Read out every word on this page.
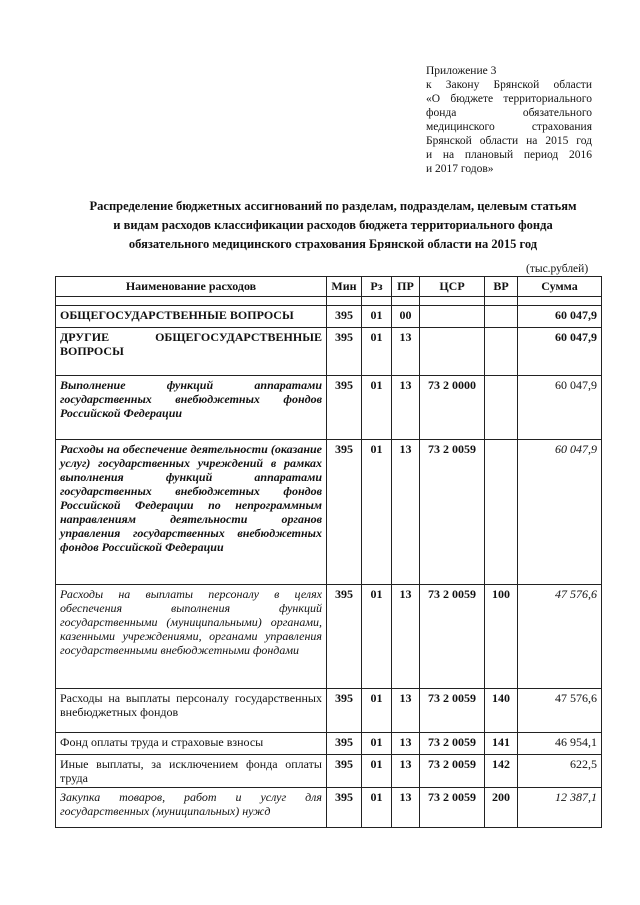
Приложение 3
к Закону Брянской области
«О бюджете территориального
фонда обязательного
медицинского страхования
Брянской области на 2015 год
и на плановый период 2016
и 2017 годов»
Распределение бюджетных ассигнований по разделам, подразделам, целевым статьям
и видам расходов классификации расходов бюджета территориального фонда
обязательного медицинского страхования Брянской области на 2015 год
(тыс.рублей)
Наименование расходов	Мин	Рз	ПР	ЦСР	ВР	Сумма

ОБЩЕГОСУДАРСТВЕННЫЕ ВОПРОСЫ	395	01	00			60 047,9
ДРУГИЕ ОБЩЕГОСУДАРСТВЕННЫЕ ВОПРОСЫ	395	01	13			60 047,9
Выполнение функций аппаратами государственных внебюджетных фондов Российской Федерации	395	01	13	73 2 0000		60 047,9
Расходы на обеспечение деятельности (оказание услуг) государственных учреждений в рамках выполнения функций аппаратами государственных внебюджетных фондов Российской Федерации по непрограммным направлениям деятельности органов управления государственных внебюджетных фондов Российской Федерации	395	01	13	73 2 0059		60 047,9
Расходы на выплаты персоналу в целях обеспечения выполнения функций государственными (муниципальными) органами, казенными учреждениями, органами управления государственными внебюджетными фондами	395	01	13	73 2 0059	100	47 576,6
Расходы на выплаты персоналу государственных внебюджетных фондов	395	01	13	73 2 0059	140	47 576,6
Фонд оплаты труда и страховые взносы	395	01	13	73 2 0059	141	46 954,1
Иные выплаты, за исключением фонда оплаты труда	395	01	13	73 2 0059	142	622,5
Закупка товаров, работ и услуг для государственных (муниципальных) нужд	395	01	13	73 2 0059	200	12 387,1
